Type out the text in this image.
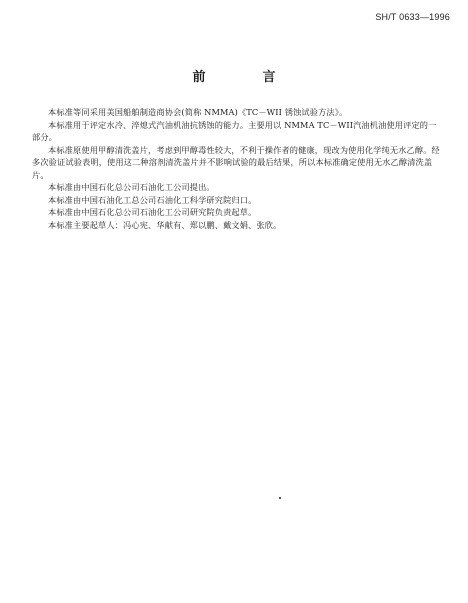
SH/T 0633—1996
前　言

本标准等同采用美国船舶制造商协会(简称 NMMA)《TC－WII 锈蚀试验方法》。

本标准用于评定水冷、淬熄式汽油机油抗锈蚀的能力。主要用以 NMMA TC－WII汽油机油使用评定的一部分。

本标准原使用甲醇清洗盖片，考虑到甲醇毒性较大，不利于操作者的健康，现改为使用化学纯无水乙醇。经多次验证试验表明，使用这二种溶剂清洗盖片并不影响试验的最后结果，所以本标准确定使用无水乙醇清洗盖片。

本标准由中国石化总公司石油化工公司提出。

本标准由中国石油化工总公司石油化工科学研究院归口。

本标准由中国石化总公司石油化工公司研究院负责起草。

本标准主要起草人：冯心宪、华献有、郑以鹏、戴文娟、张欣。
